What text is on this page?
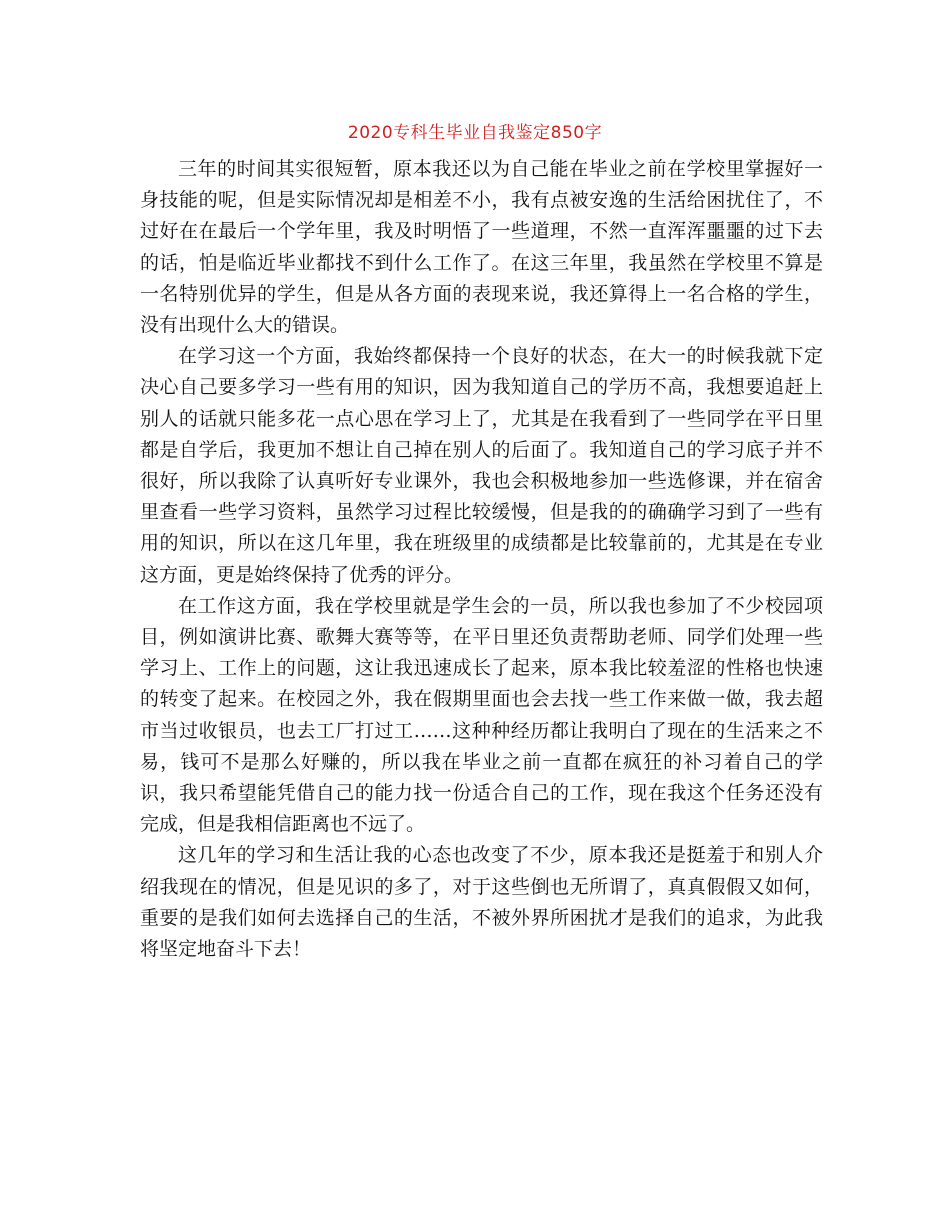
2020专科生毕业自我鉴定850字

三年的时间其实很短暂，原本我还以为自己能在毕业之前在学校里掌握好一身技能的呢，但是实际情况却是相差不小，我有点被安逸的生活给困扰住了，不过好在在最后一个学年里，我及时明悟了一些道理，不然一直浑浑噩噩的过下去的话，怕是临近毕业都找不到什么工作了。在这三年里，我虽然在学校里不算是一名特别优异的学生，但是从各方面的表现来说，我还算得上一名合格的学生，没有出现什么大的错误。

在学习这一个方面，我始终都保持一个良好的状态，在大一的时候我就下定决心自己要多学习一些有用的知识，因为我知道自己的学历不高，我想要追赶上别人的话就只能多花一点心思在学习上了，尤其是在我看到了一些同学在平日里都是自学后，我更加不想让自己掉在别人的后面了。我知道自己的学习底子并不很好，所以我除了认真听好专业课外，我也会积极地参加一些选修课，并在宿舍里查看一些学习资料，虽然学习过程比较缓慢，但是我的的确确学习到了一些有用的知识，所以在这几年里，我在班级里的成绩都是比较靠前的，尤其是在专业这方面，更是始终保持了优秀的评分。

在工作这方面，我在学校里就是学生会的一员，所以我也参加了不少校园项目，例如演讲比赛、歌舞大赛等等，在平日里还负责帮助老师、同学们处理一些学习上、工作上的问题，这让我迅速成长了起来，原本我比较羞涩的性格也快速的转变了起来。在校园之外，我在假期里面也会去找一些工作来做一做，我去超市当过收银员，也去工厂打过工……这种种经历都让我明白了现在的生活来之不易，钱可不是那么好赚的，所以我在毕业之前一直都在疯狂的补习着自己的学识，我只希望能凭借自己的能力找一份适合自己的工作，现在我这个任务还没有完成，但是我相信距离也不远了。

这几年的学习和生活让我的心态也改变了不少，原本我还是挺羞于和别人介绍我现在的情况，但是见识的多了，对于这些倒也无所谓了，真真假假又如何，重要的是我们如何去选择自己的生活，不被外界所困扰才是我们的追求，为此我将坚定地奋斗下去！
